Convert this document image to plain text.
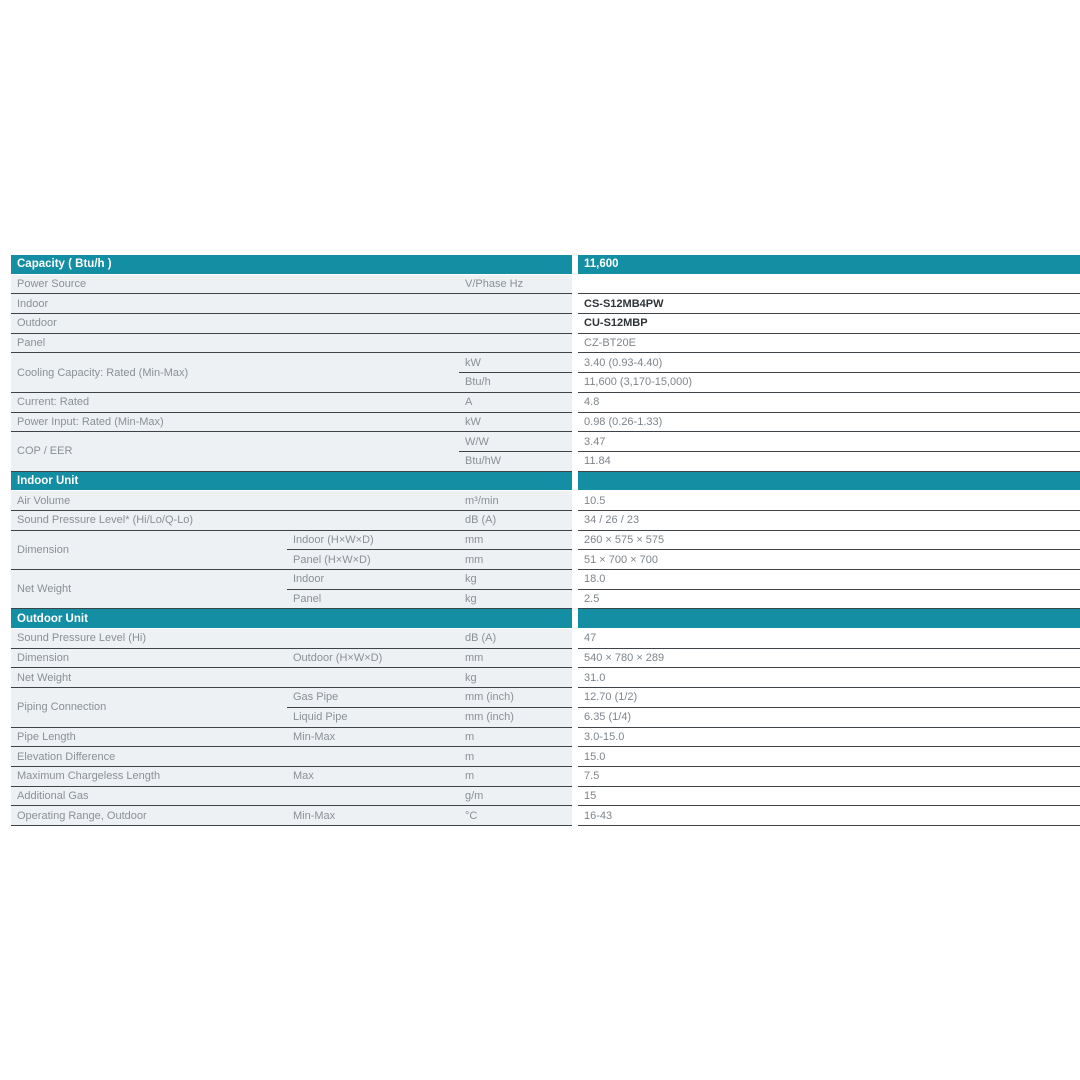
Capacity ( Btu/h )			11,600
Power Source		V/Phase Hz	
Indoor			CS-S12MB4PW
Outdoor			CU-S12MBP
Panel			CZ-BT20E
Cooling Capacity: Rated (Min-Max)		kW	3.40 (0.93-4.40)
		Btu/h	11,600 (3,170-15,000)
Current: Rated		A	4.8
Power Input: Rated (Min-Max)		kW	0.98 (0.26-1.33)
COP / EER		W/W	3.47
		Btu/hW	11.84
Indoor Unit			
Air Volume		m³/min	10.5
Sound Pressure Level* (Hi/Lo/Q-Lo)		dB (A)	34 / 26 / 23
Dimension	Indoor (H×W×D)	mm	260 × 575 × 575
	Panel (H×W×D)	mm	51 × 700 × 700
Net Weight	Indoor	kg	18.0
	Panel	kg	2.5
Outdoor Unit			
Sound Pressure Level (Hi)		dB (A)	47
Dimension	Outdoor (H×W×D)	mm	540 × 780 × 289
Net Weight		kg	31.0
Piping Connection	Gas Pipe	mm (inch)	12.70 (1/2)
	Liquid Pipe	mm (inch)	6.35 (1/4)
Pipe Length	Min-Max	m	3.0-15.0
Elevation Difference		m	15.0
Maximum Chargeless Length	Max	m	7.5
Additional Gas		g/m	15
Operating Range, Outdoor	Min-Max	°C	16-43
